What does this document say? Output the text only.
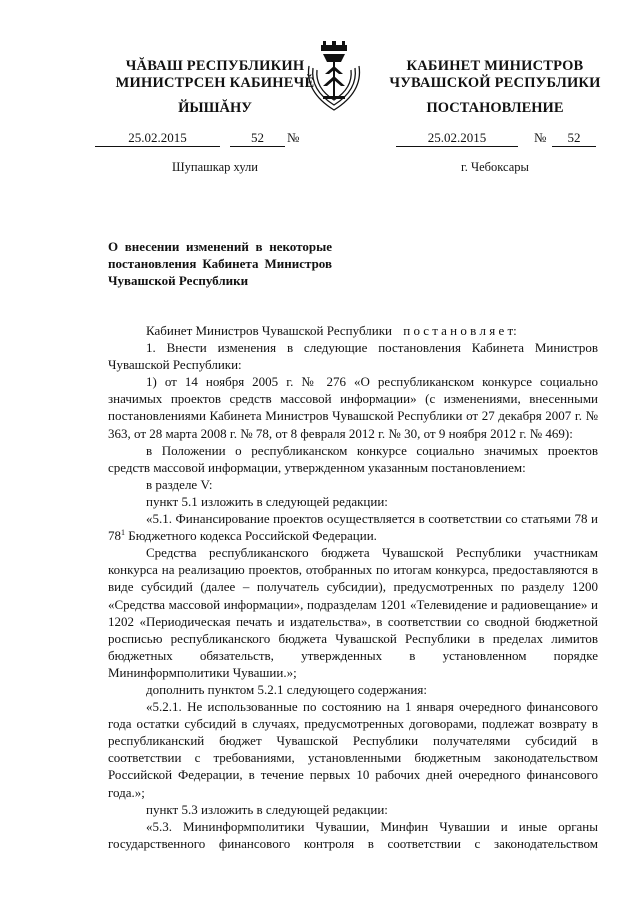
ЧĂВАШ РЕСПУБЛИКИН
МИНИСТРСЕН КАБИНЕЧĔ
ЙЫШĂНУ
КАБИНЕТ МИНИСТРОВ
ЧУВАШСКОЙ РЕСПУБЛИКИ
ПОСТАНОВЛЕНИЕ
25.02.2015	52	№	25.02.2015	№	52
Шупашкар хули	г. Чебоксары
О внесении изменений в некоторые постановления Кабинета Министров Чувашской Республики

Кабинет Министров Чувашской Республики п о с т а н о в л я е т:

1. Внести изменения в следующие постановления Кабинета Министров Чувашской Республики:

1) от 14 ноября 2005 г. № 276 «О республиканском конкурсе социально значимых проектов средств массовой информации» (с изменениями, внесенными постановлениями Кабинета Министров Чувашской Республики от 27 декабря 2007 г. № 363, от 28 марта 2008 г. № 78, от 8 февраля 2012 г. № 30, от 9 ноября 2012 г. № 469):

в Положении о республиканском конкурсе социально значимых проектов средств массовой информации, утвержденном указанным постановлением:

в разделе V:

пункт 5.1 изложить в следующей редакции:

«5.1. Финансирование проектов осуществляется в соответствии со статьями 78 и $78^1$ Бюджетного кодекса Российской Федерации.

Средства республиканского бюджета Чувашской Республики участникам конкурса на реализацию проектов, отобранных по итогам конкурса, предоставляются в виде субсидий (далее – получатель субсидии), предусмотренных по разделу 1200 «Средства массовой информации», подразделам 1201 «Телевидение и радиовещание» и 1202 «Периодическая печать и издательства», в соответствии со сводной бюджетной росписью республиканского бюджета Чувашской Республики в пределах лимитов бюджетных обязательств, утвержденных в установленном порядке Мининформполитики Чувашии.»;

дополнить пунктом 5.2.1 следующего содержания:

«5.2.1. Не использованные по состоянию на 1 января очередного финансового года остатки субсидий в случаях, предусмотренных договорами, подлежат возврату в республиканский бюджет Чувашской Республики получателями субсидий в соответствии с требованиями, установленными бюджетным законодательством Российской Федерации, в течение первых 10 рабочих дней очередного финансового года.»;

пункт 5.3 изложить в следующей редакции:

«5.3. Мининформполитики Чувашии, Минфин Чувашии и иные органы государственного финансового контроля в соответствии с законодательством
